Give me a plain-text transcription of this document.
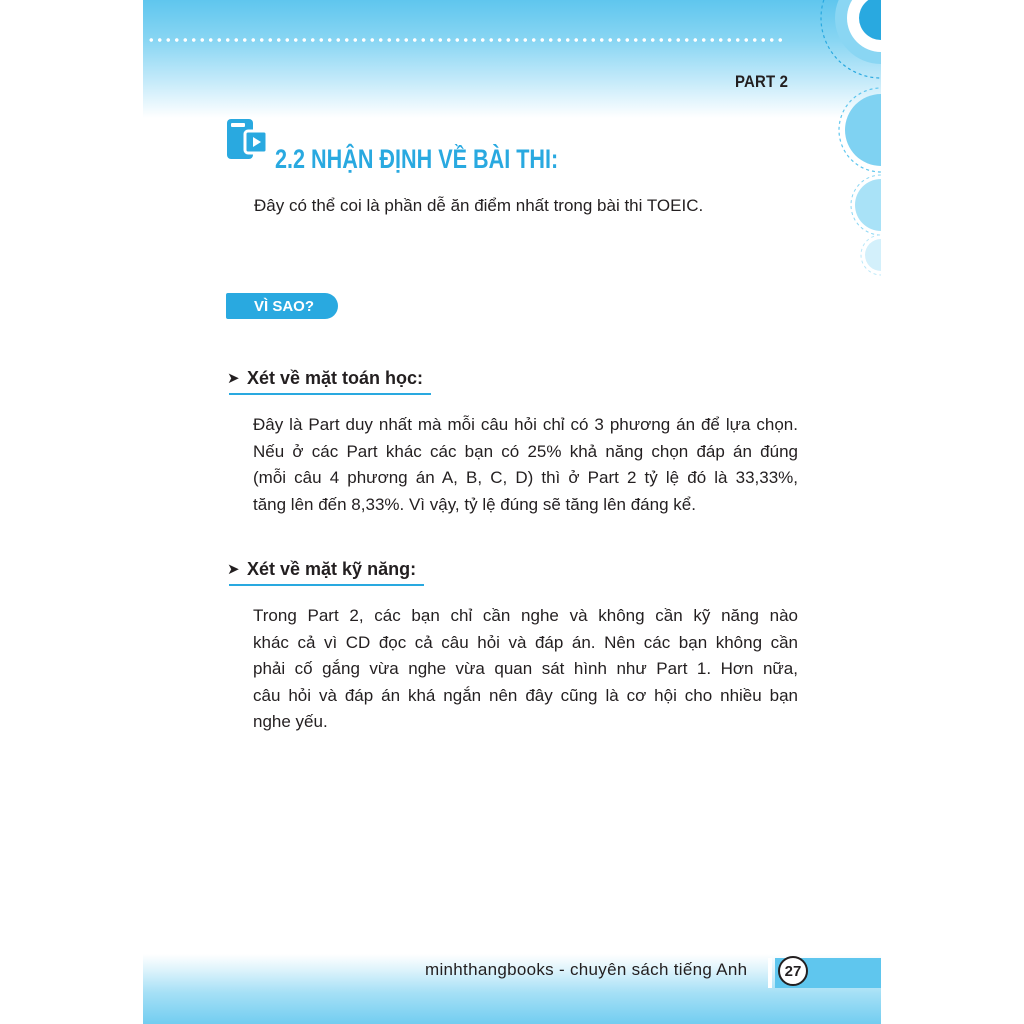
PART 2
2.2 NHẬN ĐỊNH VỀ BÀI THI:
Đây có thể coi là phần dễ ăn điểm nhất trong bài thi TOEIC.
VÌ SAO?
➤ Xét về mặt toán học:
Đây là Part duy nhất mà mỗi câu hỏi chỉ có 3 phương án để lựa chọn.
Nếu ở các Part khác các bạn có 25% khả năng chọn đáp án đúng
(mỗi câu 4 phương án A, B, C, D) thì ở Part 2 tỷ lệ đó là 33,33%,
tăng lên đến 8,33%. Vì vậy, tỷ lệ đúng sẽ tăng lên đáng kể.
➤ Xét về mặt kỹ năng:
Trong Part 2, các bạn chỉ cần nghe và không cần kỹ năng nào
khác cả vì CD đọc cả câu hỏi và đáp án. Nên các bạn không cần
phải cố gắng vừa nghe vừa quan sát hình như Part 1. Hơn nữa,
câu hỏi và đáp án khá ngắn nên đây cũng là cơ hội cho nhiều bạn
nghe yếu.
minhthangbooks - chuyên sách tiếng Anh	27
